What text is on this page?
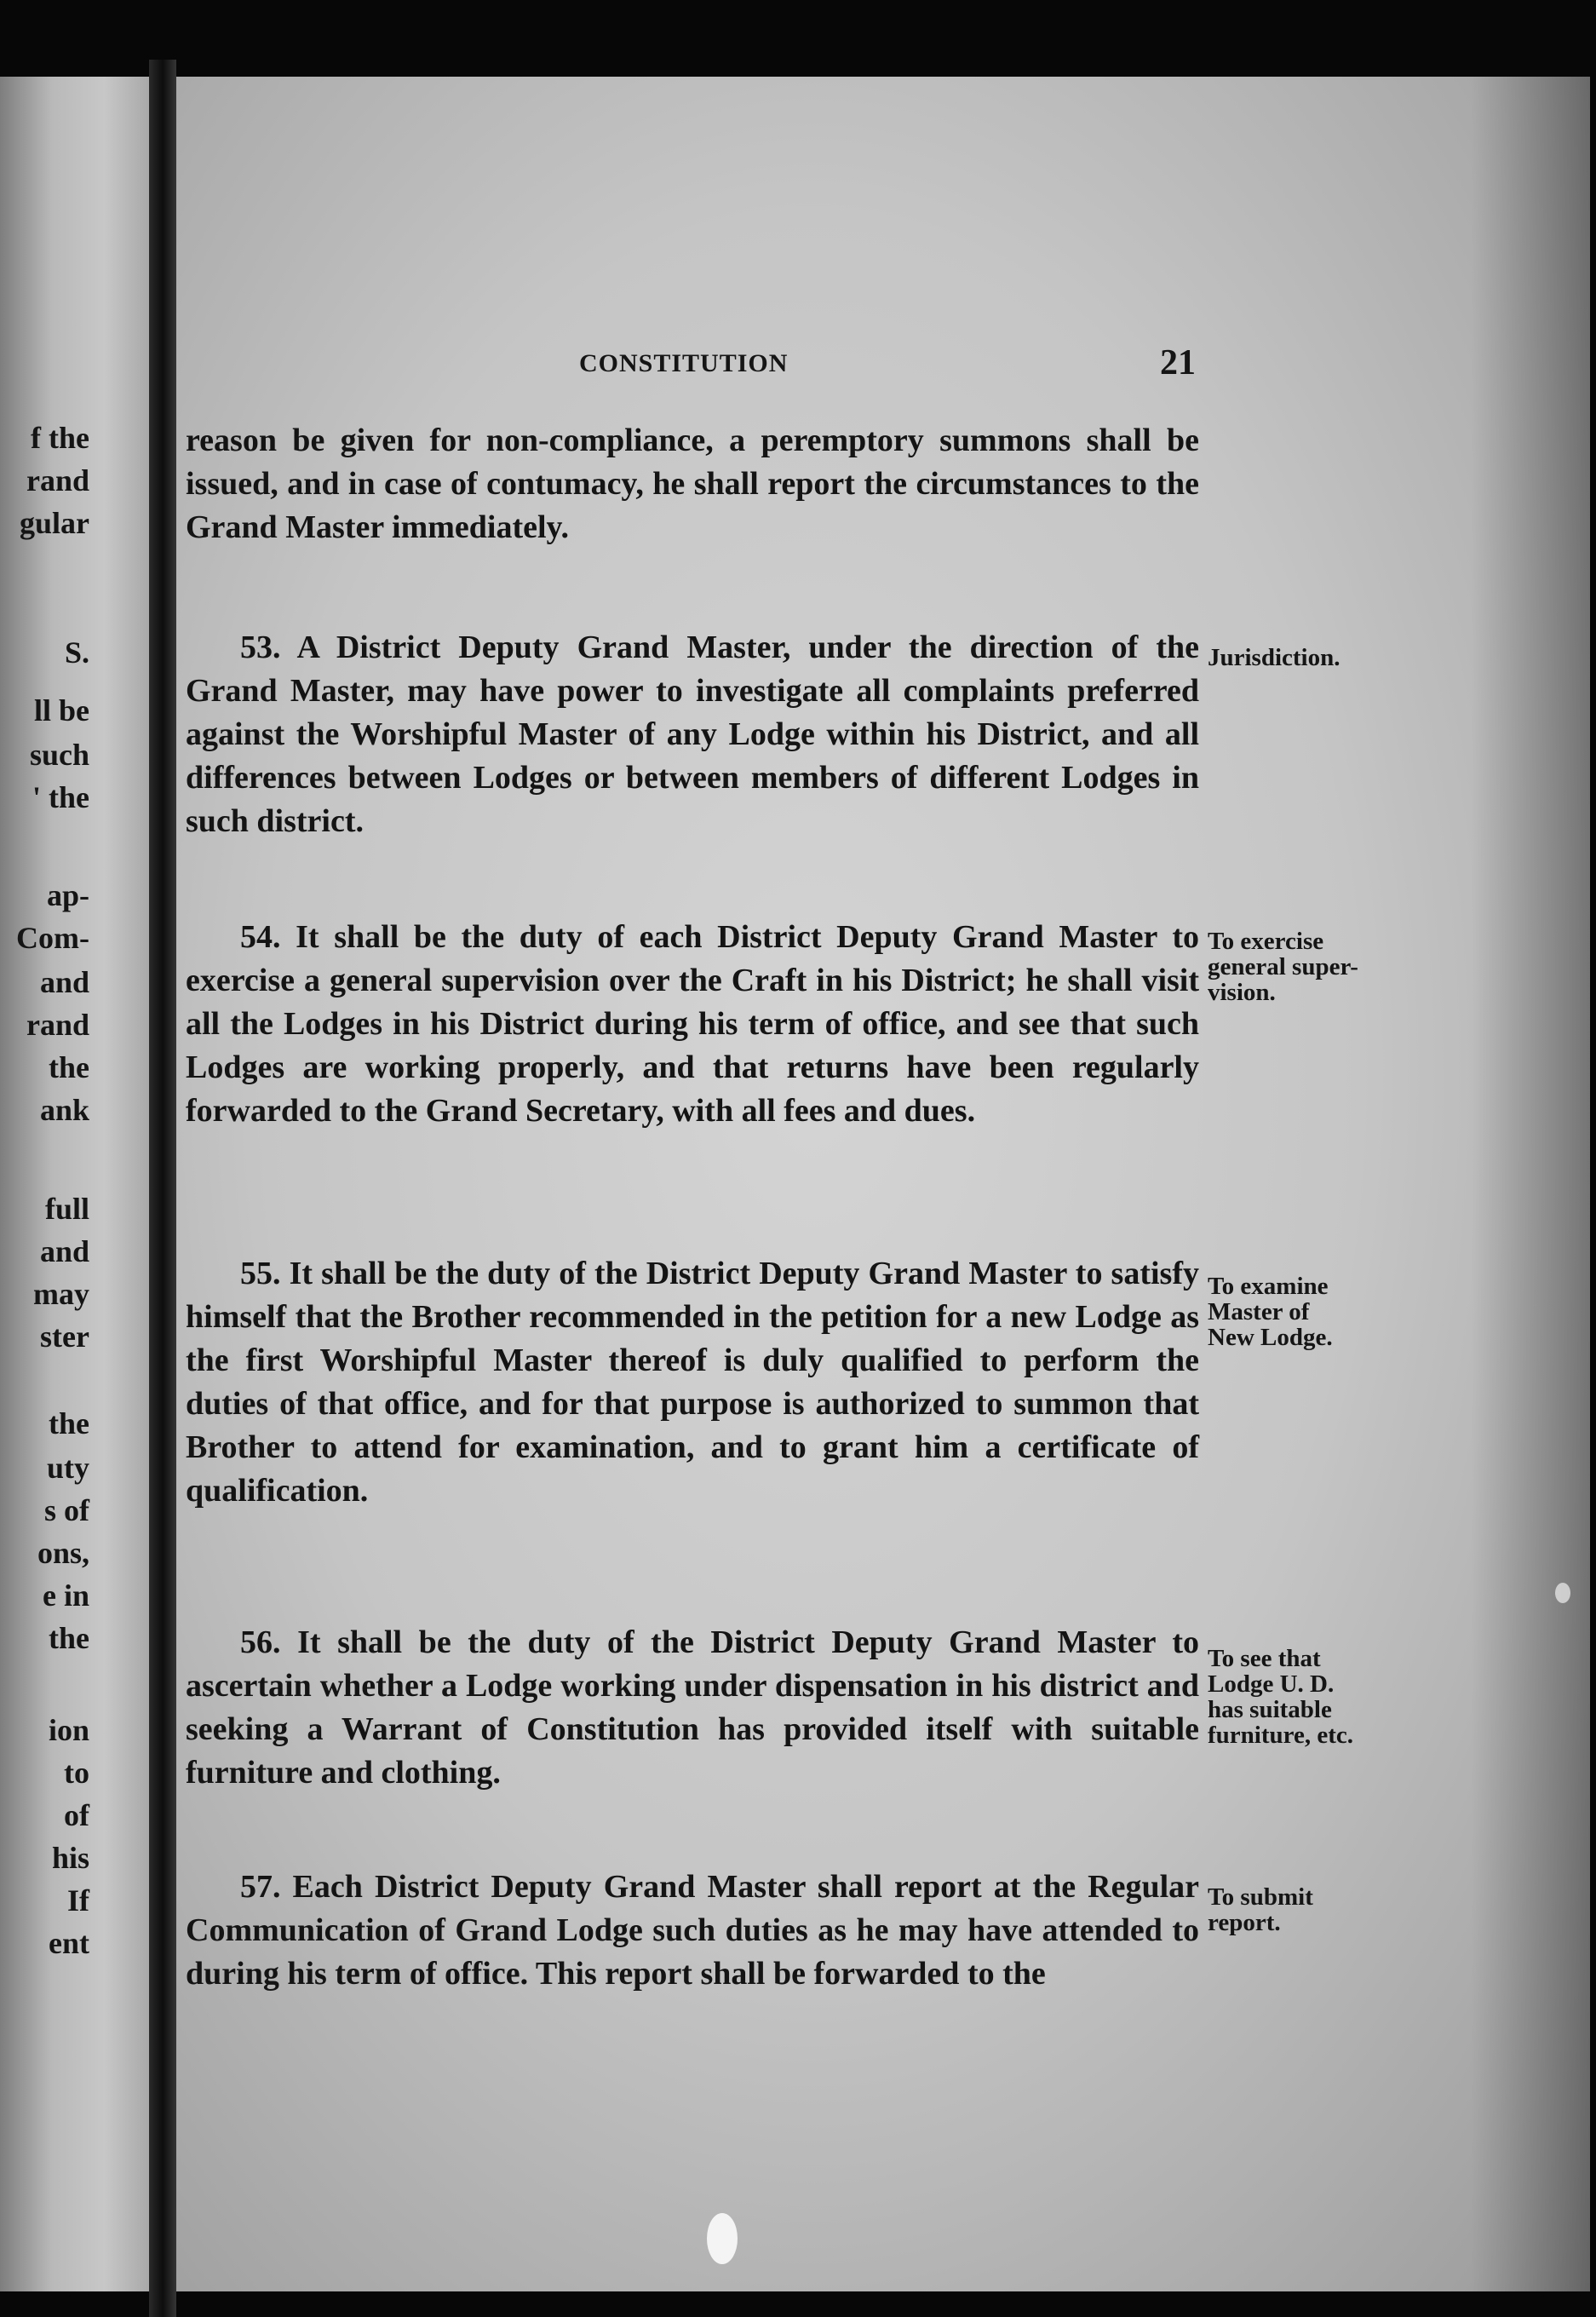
f the
rand
gular
S.
ll be
such
' the
ap-
Com-
and
rand
the
ank
full
and
may
ster
the
uty
s of
ons,
e in
the
ion
to
of
his
If
ent
CONSTITUTION	21
reason be given for non-compliance, a peremptory summons shall be issued, and in case of contumacy, he shall report the circumstances to the Grand Master immediately.
53. A District Deputy Grand Master, under the direction of the Grand Master, may have power to investigate all complaints preferred against the Worshipful Master of any Lodge within his District, and all differences between Lodges or between members of different Lodges in such district.
Jurisdiction.
54. It shall be the duty of each District Deputy Grand Master to exercise a general supervision over the Craft in his District; he shall visit all the Lodges in his District during his term of office, and see that such Lodges are working properly, and that returns have been regularly forwarded to the Grand Secretary, with all fees and dues.
To exercise
general super-
vision.
55. It shall be the duty of the District Deputy Grand Master to satisfy himself that the Brother recommended in the petition for a new Lodge as the first Worshipful Master thereof is duly qualified to perform the duties of that office, and for that purpose is authorized to summon that Brother to attend for examination, and to grant him a certificate of qualification.
To examine
Master of
New Lodge.
56. It shall be the duty of the District Deputy Grand Master to ascertain whether a Lodge working under dispensation in his district and seeking a Warrant of Constitution has provided itself with suitable furniture and clothing.
To see that
Lodge U. D.
has suitable
furniture, etc.
57. Each District Deputy Grand Master shall report at the Regular Communication of Grand Lodge such duties as he may have attended to during his term of office. This report shall be forwarded to the
To submit
report.
